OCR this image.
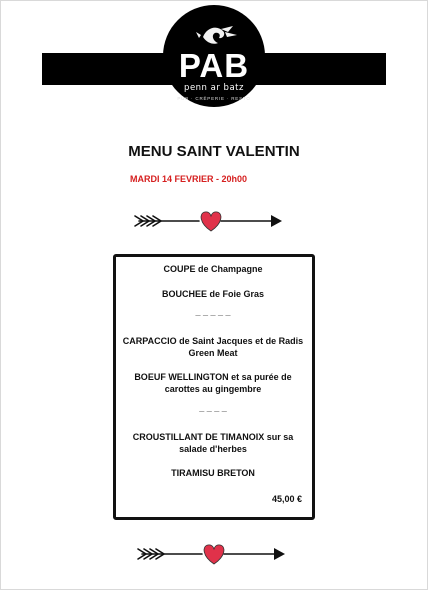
PAB
penn ar batz
PUB · CRÊPERIE · RESTO
MENU SAINT VALENTIN
MARDI 14 FEVRIER - 20h00
COUPE de Champagne
BOUCHEE de Foie Gras
_ _ _ _ _
CARPACCIO de Saint Jacques et de Radis Green Meat
BOEUF WELLINGTON et sa purée de carottes au gingembre
_ _ _ _
CROUSTILLANT DE TIMANOIX sur sa salade d'herbes
TIRAMISU BRETON
45,00 €
